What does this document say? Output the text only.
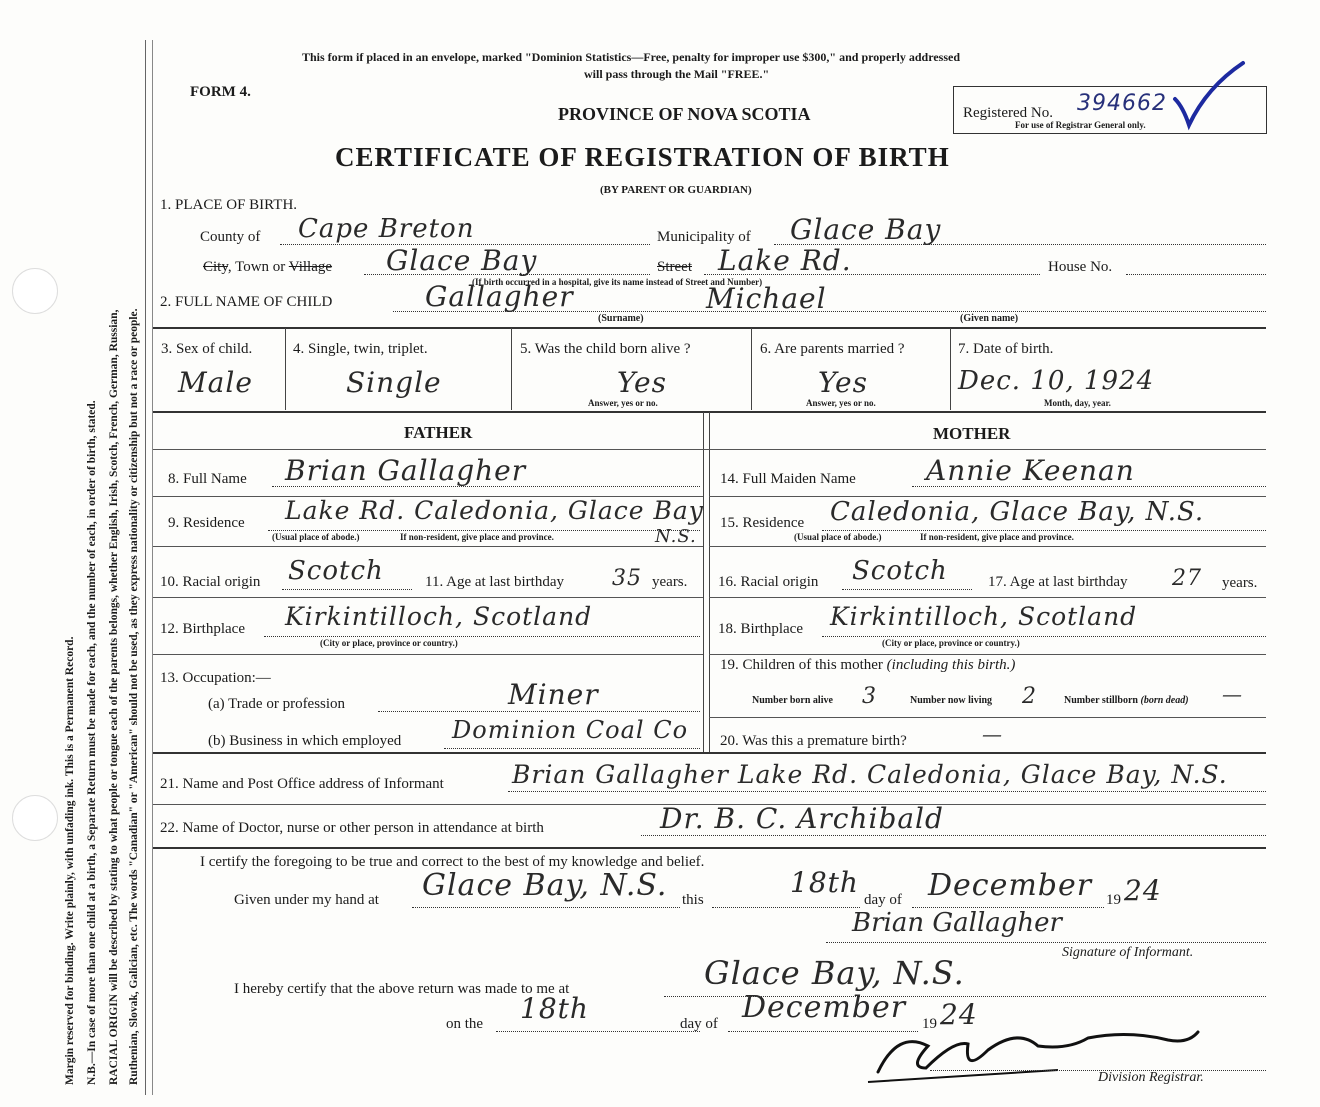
Margin reserved for binding. Write plainly, with unfading ink. This is a Permanent Record. N.B.—In case of more than one child at a birth, a Separate Return must be made for each, and the number of each, in order of birth, stated. RACIAL ORIGIN will be described by stating to what people or tongue each of the parents belongs, whether English, Irish, Scotch, French, German, Russian, Ruthenian, Slovak, Galician, etc. The words "Canadian" or "American" should not be used, as they express nationality or citizenship but not a race or people.
This form if placed in an envelope, marked "Dominion Statistics—Free, penalty for improper use $300," and properly addressed
will pass through the Mail "FREE."
FORM 4.
PROVINCE OF NOVA SCOTIA
CERTIFICATE OF REGISTRATION OF BIRTH
(BY PARENT OR GUARDIAN)
Registered No. 394662
For use of Registrar General only.
1. PLACE OF BIRTH.
County of Cape Breton	Municipality of Glace Bay
City, Town or Village Glace Bay	Street Lake Rd.
(If birth occurred in a hospital, give its name instead of Street and Number)
House No.
2. FULL NAME OF CHILD	Gallagher	Michael
(Surname)	(Given name)
3. Sex of child.
Male
4. Single, twin, triplet.
Single
5. Was the child born alive ?
Yes
Answer, yes or no.
6. Are parents married ?
Yes
Answer, yes or no.
7. Date of birth.
Dec. 10, 1924
Month, day, year.
FATHER	MOTHER
8. Full Name Brian Gallagher
9. Residence Lake Rd. Caledonia, Glace Bay
N.S.
(Usual place of abode.)	If non-resident, give place and province.
10. Racial origin Scotch	11. Age at last birthday 35 years.
12. Birthplace Kirkintilloch, Scotland
(City or place, province or country.)
13. Occupation:—
(a) Trade or profession	Miner
(b) Business in which employed Dominion Coal Co
14. Full Maiden Name	Annie Keenan
15. Residence Caledonia, Glace Bay, N.S.
(Usual place of abode.)	If non-resident, give place and province.
16. Racial origin Scotch	17. Age at last birthday 27 years.
18. Birthplace Kirkintilloch, Scotland
(City or place, province or country.)
19. Children of this mother (including this birth.)
Number born alive 3	Number now living 2	Number stillborn (born dead) —
20. Was this a premature birth?	—
21. Name and Post Office address of Informant	Brian Gallagher Lake Rd. Caledonia, Glace Bay, N.S.
22. Name of Doctor, nurse or other person in attendance at birth	Dr. B. C. Archibald
I certify the foregoing to be true and correct to the best of my knowledge and belief.
Given under my hand at Glace Bay, N.S. this
18th
day of December 19 24
Brian Gallagher
Signature of Informant.
I hereby certify that the above return was made to me at	Glace Bay, N.S.
on the 18th	day of December 19 24
Division Registrar.
